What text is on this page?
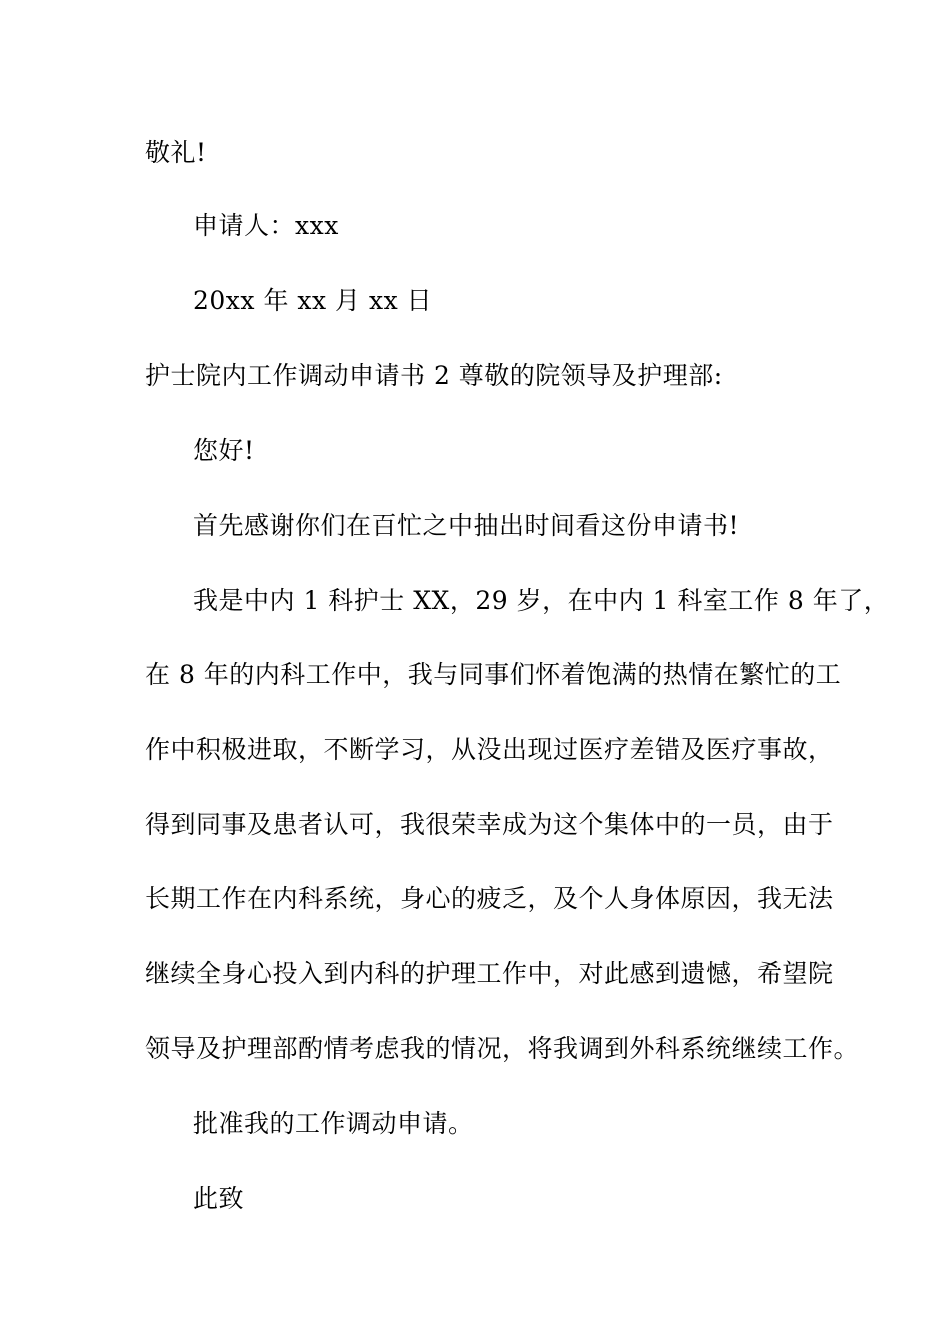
敬礼!
申请人：xxx
20xx 年 xx 月 xx 日
护士院内工作调动申请书 2 尊敬的院领导及护理部:
您好!
首先感谢你们在百忙之中抽出时间看这份申请书!
我是中内 1 科护士 XX，29 岁，在中内 1 科室工作 8 年了，
在 8 年的内科工作中，我与同事们怀着饱满的热情在繁忙的工
作中积极进取，不断学习，从没出现过医疗差错及医疗事故，
得到同事及患者认可，我很荣幸成为这个集体中的一员，由于
长期工作在内科系统，身心的疲乏，及个人身体原因，我无法
继续全身心投入到内科的护理工作中，对此感到遗憾，希望院
领导及护理部酌情考虑我的情况，将我调到外科系统继续工作。
批准我的工作调动申请。
此致
